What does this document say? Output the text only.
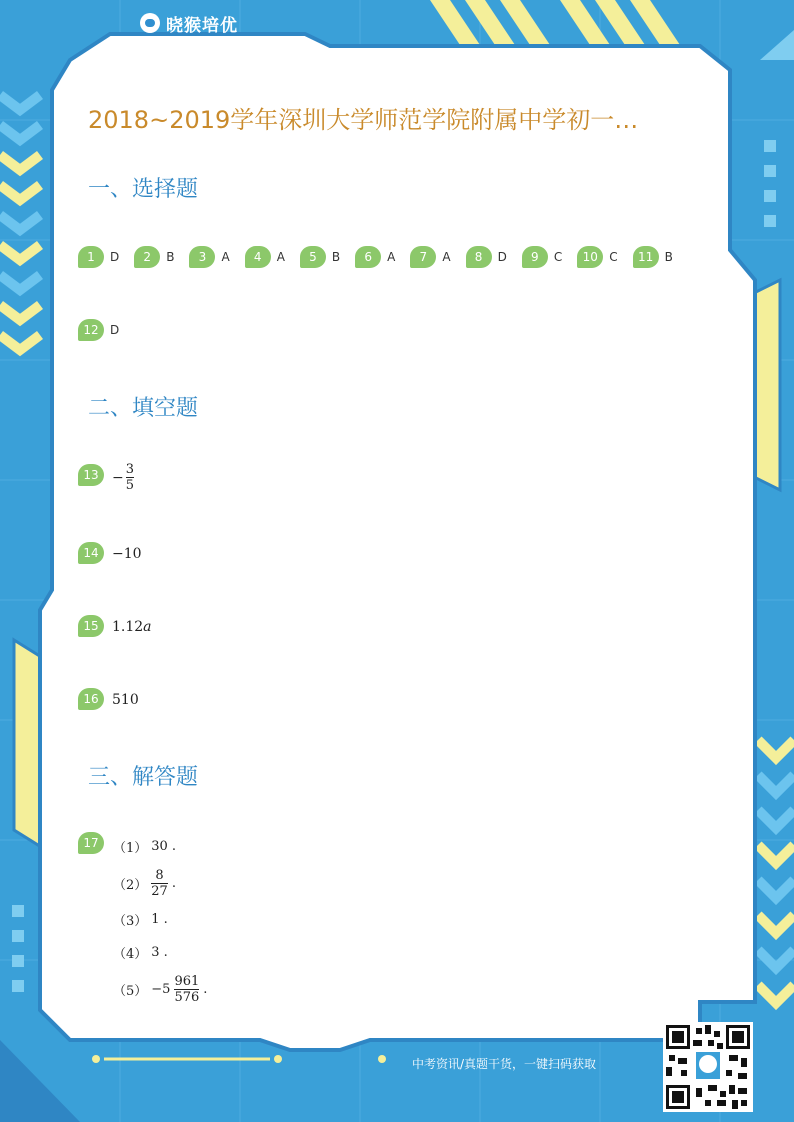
晓猴培优
2018~2019学年深圳大学师范学院附属中学初一…
一、选择题
1	D	2	B	3	A	4	A	5	B	6	A	7	A	8	D	9	C	10 C	11 B
12 D
二、填空题
$13 - \frac{3}{5}$
14 −10
15 1.12a
16 510
三、解答题
17	（1） 30 .
$(2) \frac{8}{27}$ .
（3） 1 .
（4） 3 .
$(5) -5 \frac{961}{576}$ .
中考资讯/真题干货，一键扫码获取
